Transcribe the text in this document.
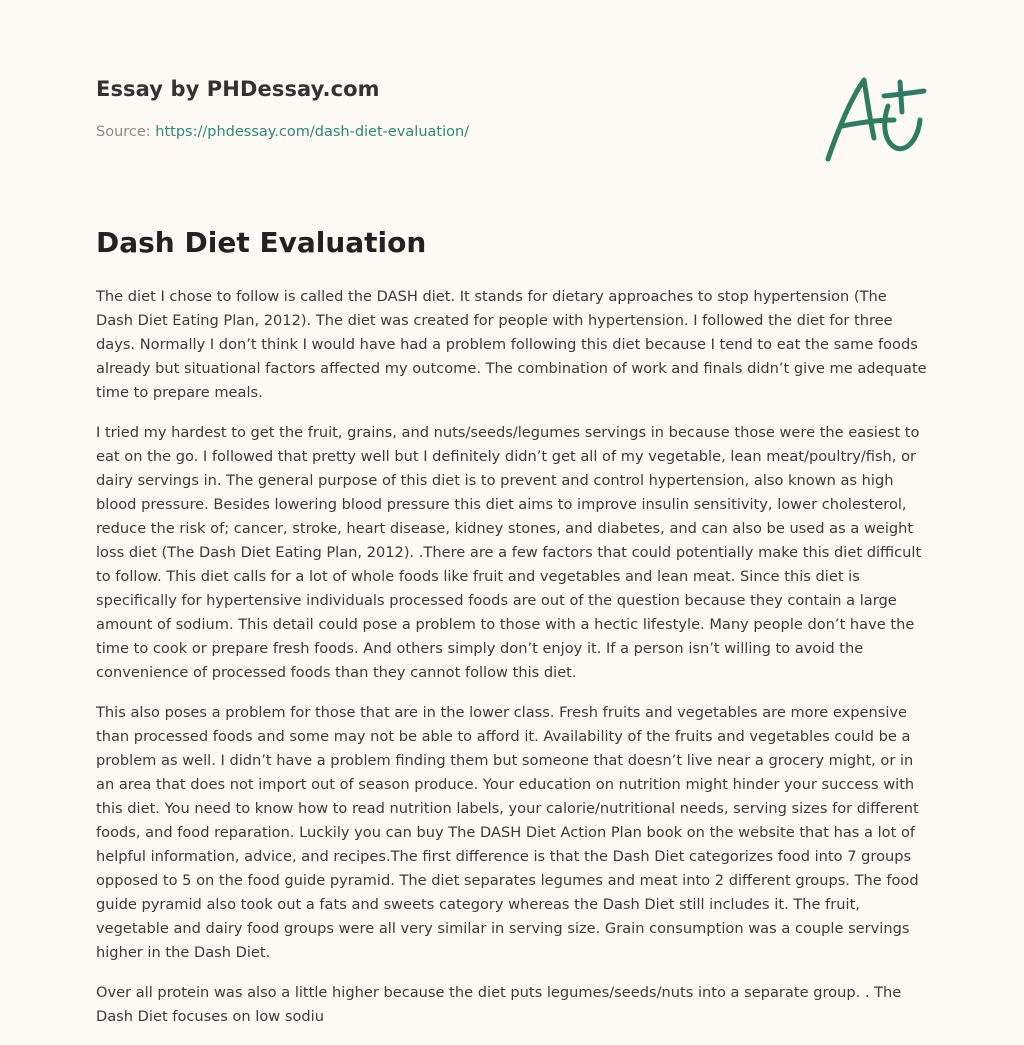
Essay by PHDessay.com

Source: https://phdessay.com/dash-diet-evaluation/

Dash Diet Evaluation

The diet I chose to follow is called the DASH diet. It stands for dietary approaches to stop hypertension (The Dash Diet Eating Plan, 2012). The diet was created for people with hypertension. I followed the diet for three days. Normally I don’t think I would have had a problem following this diet because I tend to eat the same foods already but situational factors affected my outcome. The combination of work and finals didn’t give me adequate time to prepare meals.

I tried my hardest to get the fruit, grains, and nuts/seeds/legumes servings in because those were the easiest to eat on the go. I followed that pretty well but I definitely didn’t get all of my vegetable, lean meat/poultry/fish, or dairy servings in. The general purpose of this diet is to prevent and control hypertension, also known as high blood pressure. Besides lowering blood pressure this diet aims to improve insulin sensitivity, lower cholesterol, reduce the risk of; cancer, stroke, heart disease, kidney stones, and diabetes, and can also be used as a weight loss diet (The Dash Diet Eating Plan, 2012). .There are a few factors that could potentially make this diet difficult to follow. This diet calls for a lot of whole foods like fruit and vegetables and lean meat. Since this diet is specifically for hypertensive individuals processed foods are out of the question because they contain a large amount of sodium. This detail could pose a problem to those with a hectic lifestyle. Many people don’t have the time to cook or prepare fresh foods. And others simply don’t enjoy it. If a person isn’t willing to avoid the convenience of processed foods than they cannot follow this diet.

This also poses a problem for those that are in the lower class. Fresh fruits and vegetables are more expensive than processed foods and some may not be able to afford it. Availability of the fruits and vegetables could be a problem as well. I didn’t have a problem finding them but someone that doesn’t live near a grocery might, or in an area that does not import out of season produce. Your education on nutrition might hinder your success with this diet. You need to know how to read nutrition labels, your calorie/nutritional needs, serving sizes for different foods, and food reparation. Luckily you can buy The DASH Diet Action Plan book on the website that has a lot of helpful information, advice, and recipes.The first difference is that the Dash Diet categorizes food into 7 groups opposed to 5 on the food guide pyramid. The diet separates legumes and meat into 2 different groups. The food guide pyramid also took out a fats and sweets category whereas the Dash Diet still includes it. The fruit, vegetable and dairy food groups were all very similar in serving size. Grain consumption was a couple servings higher in the Dash Diet.

Over all protein was also a little higher because the diet puts legumes/seeds/nuts into a separate group. . The Dash Diet focuses on low sodiu
